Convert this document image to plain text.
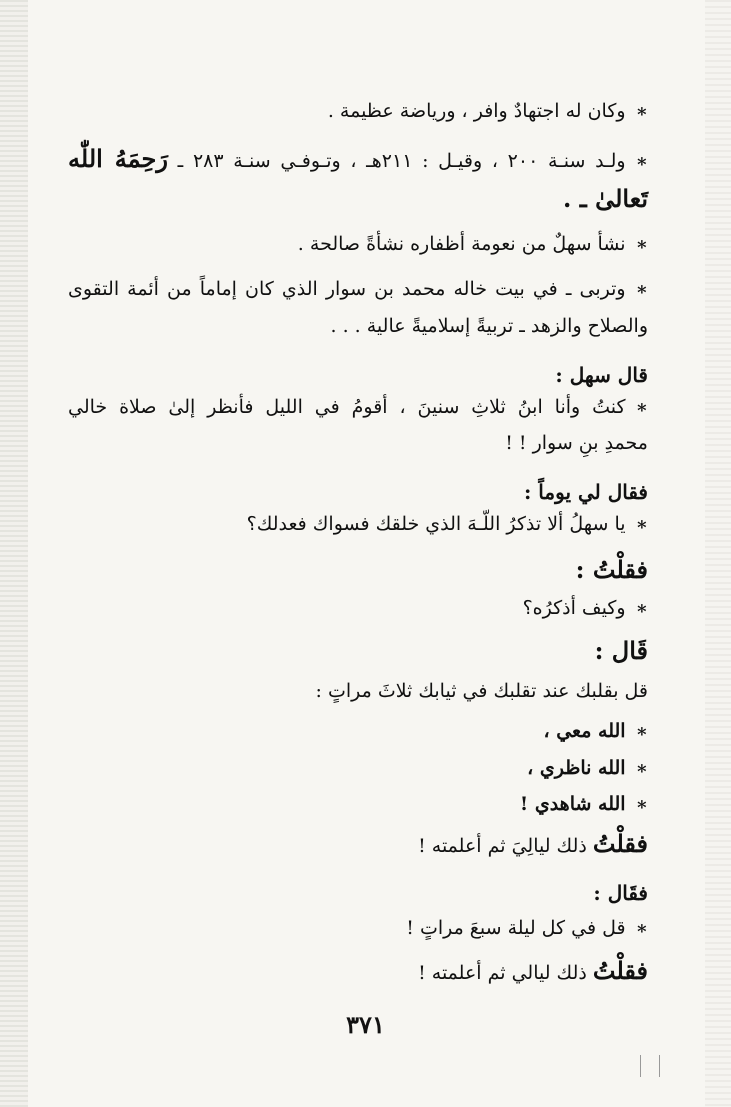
∗وكان له اجتهادٌ وافر ، ورياضة عظيمة .

∗ولـد سنـة ٢٠٠ ، وقيـل : ٢١١هـ ، وتـوفـي سنـة ٢٨٣ ـ رَحِمَهُ اللّٰه

تَعالىٰ ـ .

∗نشأ سهلٌ من نعومة أظفاره نشأةً صالحة .

∗وتربى ـ في بيت خاله محمد بن سوار الذي كان إماماً من أئمة التقوى

والصلاح والزهد ـ تربيةً إسلاميةً عالية . . .

قال سهل :

∗كنتُ وأنا ابنُ ثلاثِ سنينَ ، أقومُ في الليل فأنظر إلىٰ صلاة خالي

محمدِ بنِ سوار ! !

فقال لي يوماً :

∗يا سهلُ ألا تذكرُ اللّـهَ الذي خلقك فسواك فعدلك؟

فقلْتُ :

∗وكيف أذكرُه؟

قَال :

قل بقلبك عند تقلبك في ثيابك ثلاثَ مراتٍ :

∗الله معي ،

∗الله ناظري ،

∗الله شاهدي !

فقلْتُ ذلك ليالِيَ ثم أعلمته !

فقَال :

∗قل في كل ليلة سبعَ مراتٍ !

فقلْتُ ذلك ليالي ثم أعلمته !

٣٧١
